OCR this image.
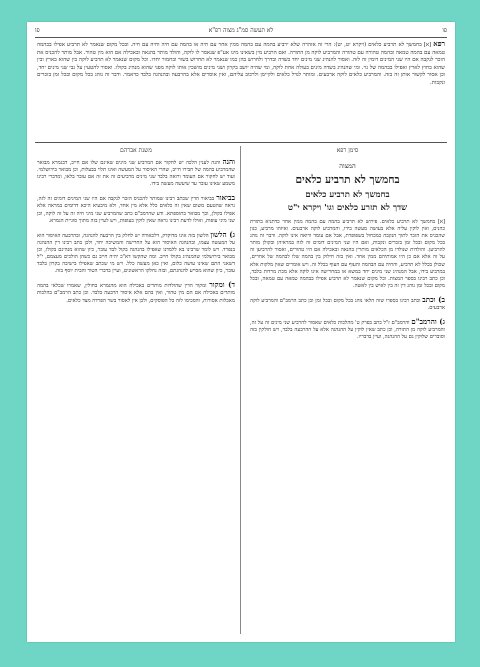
פו
לא תעשה סמ"ג מצוה רפ"א
פו
רפא [א] בחמשך לא תרביע כלאים (ויקרא יט, יט): הרי זה אזהרה שלא ירביע בהמה עם בהמה ממין אחר עם חיה או בהמה עם חיה וחיה עם חיה. ובכל מקום שנאמר לא תרביע אפילו בבהמה טמאה עם בהמה טמאה ובהמה טהורה עם טהורה והמרביע לוקה מן התורה. ואם הרביע מין בשאינו מינו אע"פ שנאסר לו לוקה, והולד מותר בהנאה ובאכילה אם הוא מין טהור. אבל מותר להכניס את הזכר לנקבה אם היו שני המינים דומין זה לזה. ואסור להנהיג שני מינים יחד בשדה ובדרך ולחרוש בהן כמו שנאמר לא תחרוש בשור ובחמור יחדו. וכל מקום שנאמר לא תרביע לוקה בין שהוא בארץ ובין שהוא בחוץ לארץ ואפילו בבהמה של גוי. ומי שהנהיג בשדה מינים בעולה אחת לוקה, ומי שהיה יושב בקרון ושני מינים מושכין אותו לוקה מפני שהוא מנהיג בקולו. ואסור להטעין על גבי שני מינים יחד, וכן אסור לקשור אותן זה בזה. והמרביע כלאים לוקה ארבעים. ומותר לגדל כלאים ולקיימן ולרכוב עליהם, ואין אוסרים אלא בהרבעה ובהנהגה בלבד כדאמר. ודבר זה נוהג בכל מקום ובכל זמן בזכרים ונקבות.
סימן רפא
המצוה
בחמשך לא תרביע כלאים
בחמשך לא תרביע כלאים
שדך לא תזרע כלאים וגו' ויקרא י"ט

[א] בחמשך לא תרביע כלאים. פירוש לא תרביע בהמה עם בהמה ממין אחר כדתניא בתורת כהנים, ואין לוקין עליה אלא בעושה מעשה בידו, והמרביע לוקה ארבעים. ואיזהו מרביע, כגון שהכניס את הזכר לתוך הנקבה כמכחול בשפופרת, אבל אם עומד ורואה אינו לוקה. ודבר זה נוהג בכל מקום ובכל זמן בזכרים ונקבות, ואם היו שני המינים דומים זה לזה במראיהן ובקולן מותר להרביען. והולדות שנולדו מן הכלאים מותרין בהנאה ובאכילה אם היו טהורים, ואסור להרביען זה על זה אלא אם כן היו אמותיהם ממין אחד. ואין בזה חילוק בין בהמה שלו לבהמה של אחרים, שכולן בכלל לא תרביע, והחיה עם הבהמה והעוף עם העוף בכלל זה. ויש אומרים שאין מלקות אלא במרביע בידו, אבל המנהיג שני מינים יחד במשא או במחרישה אינו לוקה אלא מכת מרדות בלבד, וכן כתב רבינו בספר המצות. וכל מקום שנאמר לא תרביע אפילו בבהמה טמאה עם טמאה, ובכל מקום ובכל זמן נוהג דין זה בין לאיש בין לאשה.

ב) וכתב וכתב רבינו בספרו שזה הלאו נוהג בכל מקום ובכל זמן וכן כתב הרמב"ם והמרביע לוקה ארבעים.

ג) והרמב"ם והרמב"ם ז"ל כתב בפרק ט' מהלכות כלאים שאסור להרביע שני מינים זה על זה, והמרביע לוקה מן התורה, וכן כתב שאין לוקין על ההנהגה אלא על ההרבעה בלבד, ויש חולקין בזה וסוברים שלוקין גם על ההנהגה, ועיין בדבריו.

משנת אברהם

והנה והנה לענין הלכה יש לחקור אם המרביע שני מינים שאינם שלו אם חייב, דבגמרא מבואר שהמרביע בהמה של חבירו חייב, שהרי האיסור על המעשה ואינו תלוי בבעלות, וכן מבואר בירושלמי. ועוד יש לחקור אם העומד ורואה בלבד שני מינים מרביעים זה את זה אם עובר בלאו, ומדברי רבינו משמע שאינו עובר עד שיעשה מעשה בידו.

בביאור בביאור הדין שכתב רבינו שמותר להכניס הזכר לנקבה אם היו שני המינים דומים זה לזה, נראה שהטעם משום שאין זה כלאים כלל אלא מין אחד, ולא מיבעיא היכא דדומים במראה אלא אפילו בקולן, וכך מבואר בתוספתא. ודע שהרמב"ם כתב שהמרביע שני מיני חיה זה על זה לוקה, וכן שני מיני עופות, ואילו לדעת רבינו נראה שאין לוקין בעופות, ויש לעיין בזה מתוך סוגיית הגמרא.

ג) הלשון הלשון בזה אינו מדוקדק, דלכאורה יש לחלק בין הרבעה להנהגה, ובהרבעה האיסור הוא על המעשה עצמו, ובהנהגה האיסור הוא על החרישה והמשיכה יחד, ולכן כתב רבינו דין ההנהגה בנפרד. ויש לומר שרבינו בא ללמדנו שאפילו בהנהגה בקול לבד עובר, כיון שהוא מנהיגם בקולו, וכן מבואר בירושלמי שהמנהיג בקולו חייב. ומה שהקשו דא"כ יהיה חייב גם כשהן הולכים מעצמם, י"ל דשאני התם שאינו עושה כלום, ואין כאן מעשה כלל. ויש מי שכתב שאפילו בישיבה בקרון בלבד עובר, כיון שהוא מסייע להנהגתם, ובזה נחלקו הראשונים, ועיין בדברי הטור והבית יוסף בזה.

ד) ומקור ומקור הדין שהולדות מותרים באכילה הוא מהגמרא בחולין, שאמרו שכלאי בהמה מותרים באכילה אם הם מין טהור, ואין בהם אלא איסור הרבעה בלבד. וכן כתב הרמב"ם בהלכות מאכלות אסורות, והסכימו לזה כל הפוסקים, ולכן אין לאסור בשר הפרדה מצד כלאים.
